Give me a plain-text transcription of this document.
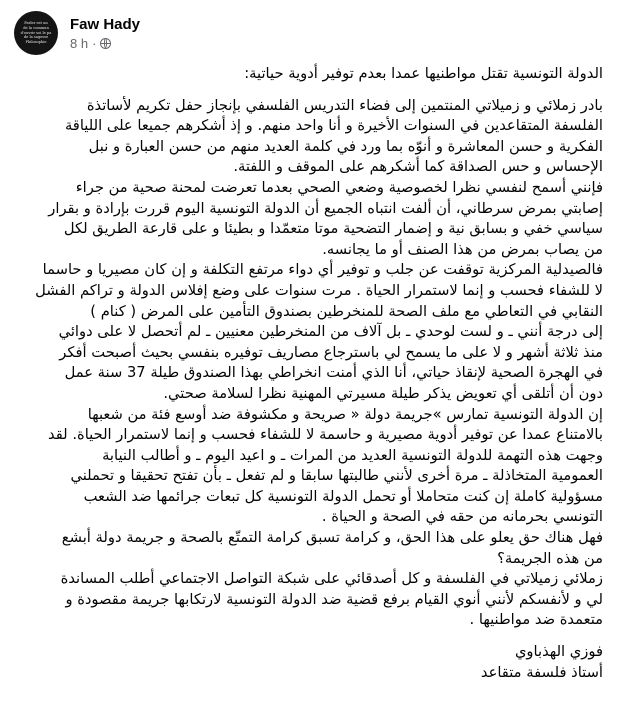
Parler est un
de la commun
d'ouvrir soi le pa
de la sagesse
Philosophie
Faw Hady
8 h ·

الدولة التونسية تقتل مواطنيها عمدا بعدم توفير أدوية حياتية:

بادر زملائي و زميلاتي المنتمين إلى فضاء التدريس الفلسفي بإنجاز حفل تكريم لأساتذة
الفلسفة المتقاعدين في السنوات الأخيرة و أنا واحد منهم. و إذ أشكرهم جميعا على اللياقة
الفكرية و حسن المعاشرة و أنوّه بما ورد في كلمة العديد منهم من حسن العبارة و نبل
الإحساس و حس الصداقة كما أشكرهم على الموقف و اللفتة.

فإنني أسمح لنفسي نظرا لخصوصية وضعي الصحي بعدما تعرضت لمحنة صحية من جراء
إصابتي بمرض سرطاني، أن ألفت انتباه الجميع أن الدولة التونسية اليوم قررت بإرادة و بقرار
سياسي خفي و بسابق نية و إضمار التضحية موتا متعمّدا و بطيئا و على قارعة الطريق لكل
من يصاب بمرض من هذا الصنف أو ما يجانسه.

فالصيدلية المركزية توقفت عن جلب و توفير أي دواء مرتفع التكلفة و إن كان مصيريا و حاسما
لا للشفاء فحسب و إنما لاستمرار الحياة . مرت سنوات على وضع إفلاس الدولة و تراكم الفشل
النقابي في التعاطي مع ملف الصحة للمنخرطين بصندوق التأمين على المرض ( كنام )
إلى درجة أنني ـ و لست لوحدي ـ بل آلاف من المنخرطين معنيين ـ لم أتحصل لا على دوائي
منذ ثلاثة أشهر و لا على ما يسمح لي باسترجاع مصاريف توفيره بنفسي بحيث أصبحت أفكر
في الهجرة الصحية لإنقاذ حياتي، أنا الذي أمنت انخراطي بهذا الصندوق طيلة 37 سنة عمل
دون أن أتلقى أي تعويض يذكر طيلة مسيرتي المهنية نظرا لسلامة صحتي.

إن الدولة التونسية تمارس »جريمة دولة « صريحة و مكشوفة ضد أوسع فئة من شعبها
بالامتناع عمدا عن توفير أدوية مصيرية و حاسمة لا للشفاء فحسب و إنما لاستمرار الحياة. لقد
وجهت هذه التهمة للدولة التونسية العديد من المرات ـ و اعيد اليوم ـ و أطالب النيابة
العمومية المتخاذلة ـ مرة أخرى لأنني طالبتها سابقا و لم تفعل ـ بأن تفتح تحقيقا و تحملني
مسؤولية كاملة إن كنت متحاملا أو تحمل الدولة التونسية كل تبعات جرائمها ضد الشعب
التونسي بحرمانه من حقه في الصحة و الحياة .

فهل هناك حق يعلو على هذا الحق، و كرامة تسبق كرامة التمتّع بالصحة و جريمة دولة أبشع
من هذه الجريمة؟

زملائي زميلاتي في الفلسفة و كل أصدقائي على شبكة التواصل الاجتماعي أطلب المساندة
لي و لأنفسكم لأنني أنوي القيام برفع قضية ضد الدولة التونسية لارتكابها جريمة مقصودة و
متعمدة ضد مواطنيها .

فوزي الهذباوي

أستاذ فلسفة متقاعد
